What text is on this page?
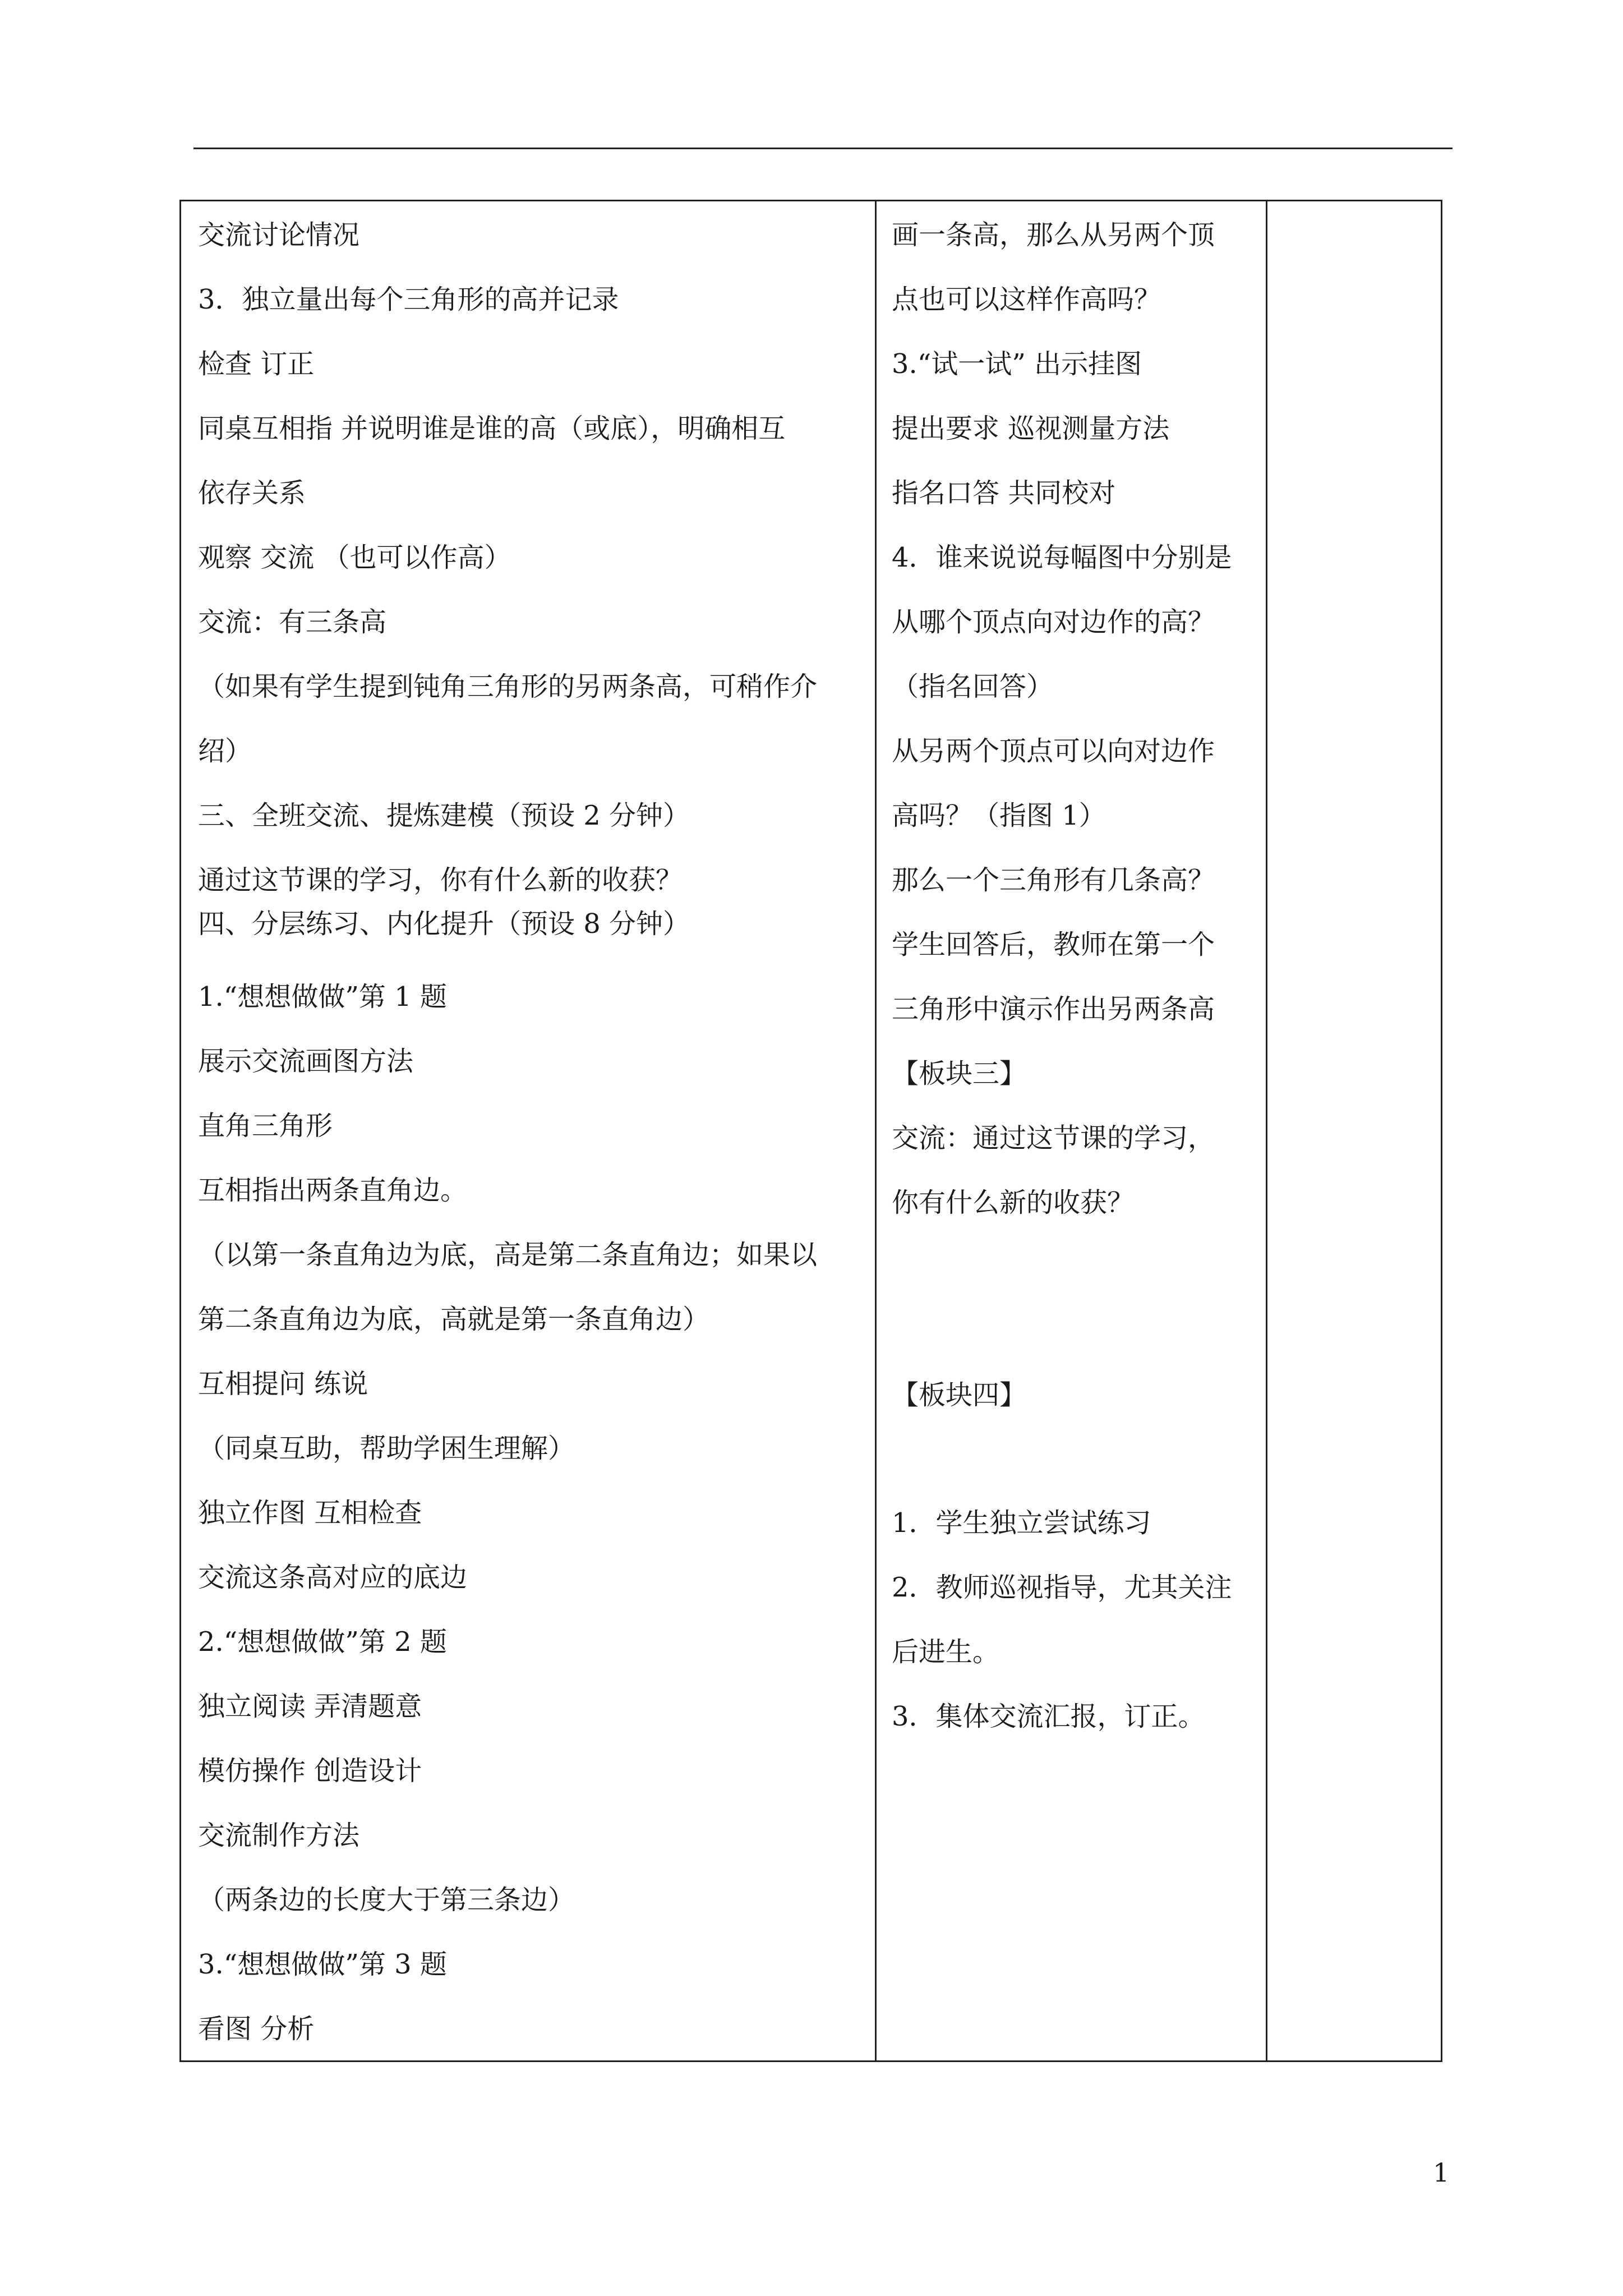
交流讨论情况
3．独立量出每个三角形的高并记录
检查 订正
同桌互相指 并说明谁是谁的高（或底），明确相互
依存关系
观察 交流 （也可以作高）
交流：有三条高
（如果有学生提到钝角三角形的另两条高，可稍作介
绍）
三、全班交流、提炼建模（预设 2 分钟）
通过这节课的学习，你有什么新的收获？
四、分层练习、内化提升（预设 8 分钟）
1.“想想做做”第 1 题
展示交流画图方法
直角三角形
互相指出两条直角边。
（以第一条直角边为底，高是第二条直角边；如果以
第二条直角边为底，高就是第一条直角边）
互相提问 练说
（同桌互助，帮助学困生理解）
独立作图 互相检查
交流这条高对应的底边
2.“想想做做”第 2 题
独立阅读 弄清题意
模仿操作 创造设计
交流制作方法
（两条边的长度大于第三条边）
3.“想想做做”第 3 题
看图 分析
画一条高，那么从另两个顶
点也可以这样作高吗？
3.“试一试” 出示挂图
提出要求 巡视测量方法
指名口答 共同校对
4．谁来说说每幅图中分别是
从哪个顶点向对边作的高？
（指名回答）
从另两个顶点可以向对边作
高吗？（指图 1）
那么一个三角形有几条高？
学生回答后，教师在第一个
三角形中演示作出另两条高
【板块三】
交流：通过这节课的学习，
你有什么新的收获？
【板块四】
1．学生独立尝试练习
2．教师巡视指导，尤其关注
后进生。
3．集体交流汇报，订正。
1
